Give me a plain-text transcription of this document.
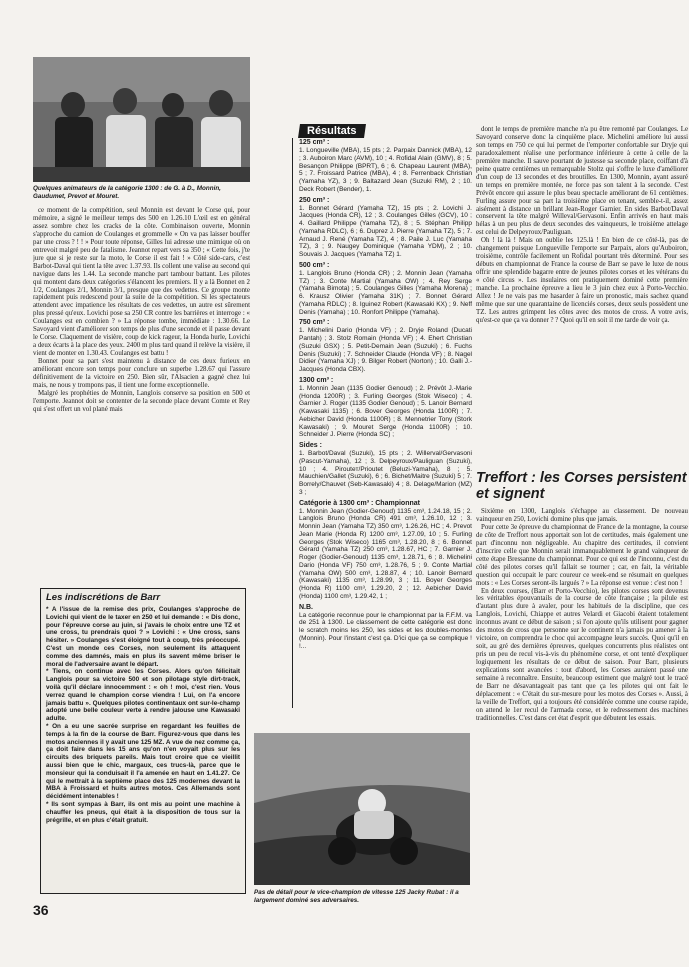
Quelques animateurs de la catégorie 1300 : de G. à D., Monnin, Gaudumet, Prevot et Mouret.

ce moment de la compétition, seul Monnin est devant le Corse qui, pour mémoire, a signé le meilleur temps des 500 en 1.26.10 L'œil est en général assez sombre chez les cracks de la côte. Combinaison ouverte, Monnin s'approche du camion de Coulanges et grommelle « On va pas laisser bouffer par une cross ? ! ! » Pour toute réponse, Gilles lui adresse une mimique où on entrevoit malgré peu de fatalisme. Jeannot repart vers sa 350 ; « Cette fois, j'te jure que si je reste sur la moto, le Corse il est fait ! » Côté side-cars, c'est Barbot-Daval qui tient la tête avec 1.37.93. Ils collent une valise au second qui navigue dans les 1.44. La seconde manche part tambour battant. Les pilotes qui montent dans deux catégories s'élancent les premiers. Il y a là Bonnet en 2 1/2, Coulanges 2/1, Monnin 3/1, presque que des vedettes. Ce groupe monte rapidement puis redescend pour la suite de la compétition. Si les spectateurs attendent avec impatience les résultats de ces vedettes, un autre est sûrement plus pressé qu'eux. Lovichi pose sa 250 CR contre les barrières et interroge : « Coulanges est en combien ? » La réponse tombe, immédiate : 1.30.66. Le Savoyard vient d'améliorer son temps de plus d'une seconde et il passe devant le Corse. Claquement de visière, coup de kick rageur, la Honda hurle, Lovichi a deux écarts à la place des yeux. 2400 m plus tard quand il relève la visière, il vient de monter en 1.30.43. Coulanges est battu !

Bonnet pour sa part s'est maintenu à distance de ces deux furieux en améliorant encore son temps pour conclure un superbe 1.28.67 qui l'assure définitivement de la victoire en 250. Bien sûr, l'Alsacien a gagné chez lui mais, ne nous y trompons pas, il tient une forme exceptionnelle.

Malgré les prophéties de Monnin, Langlois conserve sa position en 500 et l'emporte. Jeannot doit se contenter de la seconde place devant Comte et Rey qui s'est offert un vol plané mais

Les indiscrétions de Barr
* A l'issue de la remise des prix, Coulanges s'approche de Lovichi qui vient de le taxer en 250 et lui demande : « Dis donc, pour l'épreuve corse au juin, si j'avais le choix entre une TZ et une cross, tu prendrais quoi ? » Lovichi : « Une cross, sans hésiter. » Coulanges s'est éloigné tout à coup, très préoccupé. C'est un monde ces Corses, non seulement ils attaquent comme des damnés, mais en plus ils savent même briser le moral de l'adversaire avant le départ.
* Tiens, on continue avec les Corses. Alors qu'on félicitait Langlois pour sa victoire 500 et son pilotage style dirt-track, voilà qu'il déclare innocemment : « oh ! moi, c'est rien. Vous verrez quand le champion corse viendra ! Lui, on l'a encore jamais battu ». Quelques pilotes continentaux ont sur-le-champ adopté une belle couleur verte à rendre jalouse une Kawasaki adulte.
* On a eu une sacrée surprise en regardant les feuilles de temps à la fin de la course de Barr. Figurez-vous que dans les motos anciennes il y avait une 125 MZ. A vue de nez comme ça, ça doit faire dans les 15 ans qu'on n'en voyait plus sur les circuits des briquets pareils. Mais tout croire que ce vieillit aussi bien que le chic, margaux, ces trucs-là, parce que le monsieur qui la conduisait il l'a amenée en haut en 1.41.27. Ce qui le mettrait à la septième place des 125 modernes devant la MBA à Froissard et huits autres motos. Ces Allemands sont décidément intenables !
* Ils sont sympas à Barr, ils ont mis au point une machine à chauffer les pneus, qui était à la disposition de tous sur la prégrille, et en plus c'était gratuit.
36
Résultats
125 cm³ :
1. Longueville (MBA), 15 pts ; 2. Parpaix Dannick (MBA), 12 ; 3. Auboiron Marc (AVM), 10 ; 4. Rofidal Alain (GMV), 8 ; 5. Besançon Philippe (BPRT), 6 ; 6. Chapeau Laurent (MBA), 5 ; 7. Froissard Patrice (MBA), 4 ; 8. Ferrenback Christian (Yamaha YZ), 3 ; 9. Baltazard Jean (Suzuki RM), 2 ; 10. Deck Robert (Bender), 1.
250 cm³ :
1. Bonnet Gérard (Yamaha TZ), 15 pts ; 2. Lovichi J. Jacques (Honda CR), 12 ; 3. Coulanges Gilles (GCV), 10 ; 4. Gaillard Philippe (Yamaha TZ), 8 ; 5. Stéphan Philipp (Yamaha RDLC), 6 ; 6. Duprez J. Pierre (Yamaha TZ), 5 ; 7. Arnaud J. René (Yamaha TZ), 4 ; 8. Paile J. Luc (Yamaha TZ), 3 ; 9. Naugey Dominique (Yamaha YDM), 2 ; 10. Souvais J. Jacques (Yamaha TZ) 1.
500 cm³ :
1. Langlois Bruno (Honda CR) ; 2. Monnin Jean (Yamaha TZ) ; 3. Conte Martial (Yamaha OW) ; 4. Rey Serge (Yamaha Bimota) ; 5. Coulanges Gilles (Yamaha Morena) ; 6. Krausz Olivier (Yamaha 31K) ; 7. Bonnet Gérard (Yamaha RDLC) ; 8. Iguinez Robert (Kawasaki KX) ; 9. Neff Denis (Yamaha) ; 10. Ronfort Philippe (Yamaha).
750 cm³ :
1. Michelini Dario (Honda VF) ; 2. Dryje Roland (Ducati Pantah) ; 3. Stolz Romain (Honda VF) ; 4. Ehert Christian (Suzuki GSX) ; 5. Petit-Demain Jean (Suzuki) ; 6. Fuchs Denis (Suzuki) ; 7. Schneider Claude (Honda VF) ; 8. Nagel Didier (Yamaha XJ) ; 9. Bilger Robert (Norton) ; 10. Galli J.-Jacques (Honda CBX).
1300 cm³ :
1. Monnin Jean (1135 Godier Genoud) ; 2. Prévôt J.-Marie (Honda 1200R) ; 3. Furling Georges (Stok Wiseco) ; 4. Garnier J. Roger (1135 Godier Genoud) ; 5. Lanoir Bernard (Kawasaki 1135) ; 6. Bover Georges (Honda 1100R) ; 7. Aebicher David (Honda 1100R) ; 8. Mennetrier Tony (Stork Kawasaki) ; 9. Mouret Serge (Honda 1100R) ; 10. Schneider J. Pierre (Honda SC) ;
Sides :
1. Barbot/Daval (Suzuki), 15 pts ; 2. Willerval/Gervasoni (Pascut-Yamaha), 12 ; 3. Delpeyroux/Pauliguan (Suzuki), 10 ; 4. Pirouteт/Prioutet (Beluzi-Yamaha), 8 ; 5. Mauchien/Gallet (Suzuki), 6 ; 6. Bichet/Maitre (Suzuki) 5 ; 7. Borrely/Chauvet (Seb-Kawasaki) 4 ; 8. Delage/Marion (MZ) 3 ;
Catégorie à 1300 cm³ : Championnat
1. Monnin Jean (Godier-Genoud) 1135 cm³, 1.24.18, 15 ; 2. Langlois Bruno (Honda CR) 491 cm³, 1.26.10, 12 ; 3. Monnin Jean (Yamaha TZ) 350 cm³, 1.26.26, HC ; 4. Prevot Jean Marie (Honda R) 1200 cm³, 1.27.09, 10 ; 5. Furling Georges (Stok Wiseco) 1165 cm³, 1.28.20, 8 ; 6. Bonnet Gérard (Yamaha TZ) 250 cm³, 1.28.67, HC ; 7. Garnier J. Roger (Godier-Genoud) 1135 cm³, 1.28.71, 6 ; 8. Michelini Dario (Honda VF) 750 cm³, 1.28.76, 5 ; 9. Conte Martial (Yamaha OW) 500 cm³, 1.28.87, 4 ; 10. Lanoir Bernard (Kawasaki) 1135 cm³, 1.28.99, 3 ; 11. Boyer Georges (Honda R) 1100 cm³, 1.29.20, 2 ; 12. Aebicher David (Honda) 1100 cm³, 1.29.42, 1 ;
N.B.
La catégorie reconnue pour le championnat par la F.F.M. va de 251 à 1300. Le classement de cette catégorie est donc le scratch moins les 250, les sides et les doubles-montes (Monnin). Pour l'instant c'est ça. D'ici que ça se complique ! !...
Pas de détail pour le vice-champion de vitesse 125 Jacky Rubat : il a largement dominé ses adversaires.

dont le temps de première manche n'a pu être remonté par Coulanges. Le Savoyard conserve donc la cinquième place. Michelini améliore lui aussi son temps en 750 ce qui lui permet de l'emporter confortable sur Dryje qui paradoxalement réalise une performance inférieure à cette à celle de la première manche. Il sauve pourtant de justesse sa seconde place, coiffant d'à peine quatre centièmes un remarquable Stoltz qui s'offre le luxe d'améliorer d'un coup de 13 secondes et des broutilles. En 1300, Monnin, ayant assuré un temps en première montée, ne force pas son talent à la seconde. C'est Prévôt encore qui assure le plus beau spectacle améliorant de 61 centièmes. Furling assure pour sa part la troisième place en tenant, semble-t-il, assez aisément à distance un brillant Jean-Roger Garnier. En sides Barbot/Daval conservent la tête malgré Willeval/Gervasoni. Enfin arrivés en haut mais hélas à un peu plus de deux secondes des vainqueurs, le troisième attelage est celui de Delpeyroux/Pauliguan.

Oh ! là là ! Mais on oublie les 125.là ! En bien de ce côté-là, pas de changement puisque Longueville l'emporte sur Parpaix, alors qu'Auboiron, troisième, contrôle facilement un Rofidal pourtant très déterminé. Pour ses débuts en championnat de France la course de Barr se pave le luxe de nous offrir une splendide bagarre entre de jeunes pilotes corses et les vétérans du « côté circus ». Les insulaires ont pratiquement dominé cette première manche. La prochaine épreuve a lieu le 3 juin chez eux à Porto-Vecchio. Allez ! Je ne vais pas me hasarder à faire un pronostic, mais sachez quand même que sur une quarantaine de licenciés corses, deux seuls possèdent une TZ. Les autres grimpent les côtes avec des motos de cross. A votre avis, qu'est-ce que ça va donner ? ? Quoi qu'il en soit il me tarde de voir ça.

Treffort : les Corses persistent et signent

Sixième en 1300, Langlois s'échappe au classement. De nouveau vainqueur en 250, Lovichi domine plus que jamais.

Pour cette 3e épreuve du championnat de France de la montagne, la course de côte de Treffort nous apportait son lot de certitudes, mais également une part d'inconnu non négligeable. Au chapitre des certitudes, il convient d'inscrire celle que Monnin serait immanquablement le grand vainqueur de cette étape Bressanne du championnat. Pour ce qui est de l'inconnu, c'est du côté des pilotes corses qu'il fallait se tourner ; car, en fait, la véritable question qui occupait le parc coureur ce week-end se résumait en quelques mots : « Les Corses seront-ils largués ? » La réponse est venue : c'est non !

En deux courses, (Barr et Porto-Vecchio), les pilotes corses sont devenus les véritables épouvantails de la course de côte française ; la pilule est d'autant plus dure à avaler, pour les habitués de la discipline, que ces Langlois, Lovichi, Chiappe et autres Velardi et Giacobi étaient totalement inconnus avant ce début de saison ; si l'on ajoute qu'ils utilisent pour gagner des motos de cross que personne sur le continent n'a jamais pu amener à la victoire, on comprendra le choc qui accompagne leurs succès. Quoi qu'il en soit, au gré des dernières épreuves, quelques concurrents plus réalistes ont pris un peu de recul vis-à-vis du phénomène corse, et ont tenté d'expliquer logiquement les résultats de ce début de saison. Pour Barr, plusieurs explications sont avancées : tout d'abord, les Corses auraient passé une semaine à reconnaître. Ensuite, beaucoup estiment que malgré tout le tracé de Barr ne désavantageait pas tant que ça les pilotes qui ont fait le déplacement : « C'était du sur-mesure pour les motos des Corses ». Aussi, à la veille de Treffort, qui a toujours été considérée comme une course rapide, on attend le 1er recul de l'armada corse, et le redressement des machines traditionnelles. C'est dans cet état d'esprit que débutent les essais.
